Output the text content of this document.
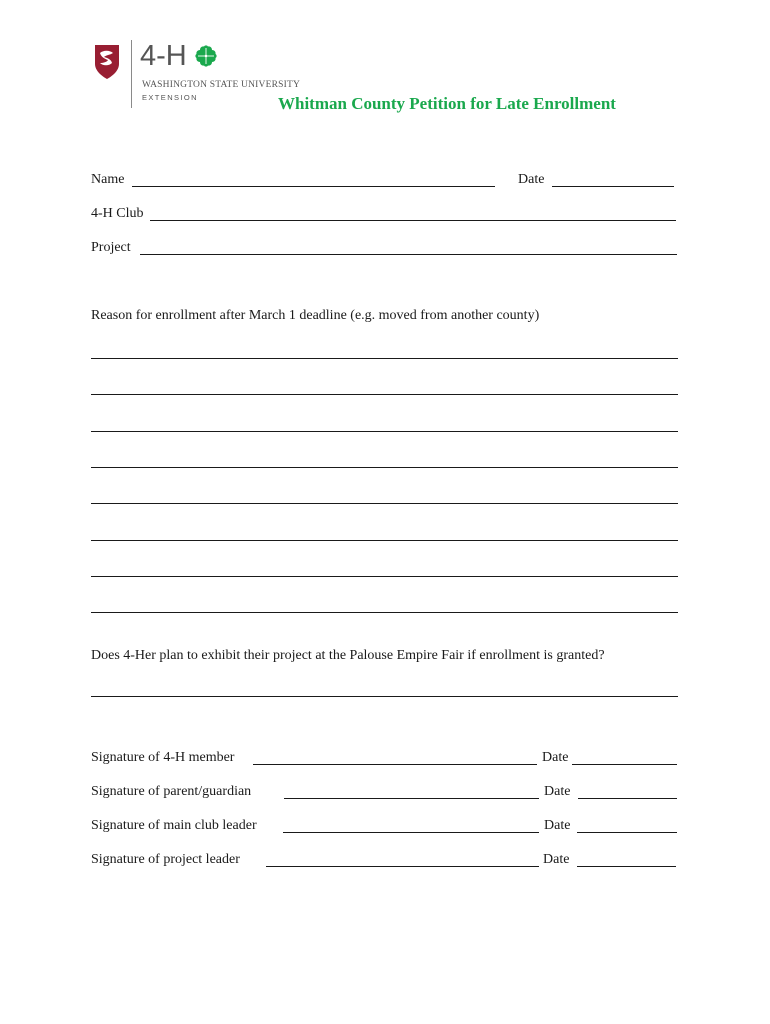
4-H
WASHINGTON STATE UNIVERSITY
EXTENSION	Whitman County Petition for Late Enrollment
Name	Date
4-H Club
Project
Reason for enrollment after March 1 deadline (e.g. moved from another county)
Does 4-Her plan to exhibit their project at the Palouse Empire Fair if enrollment is granted?
Signature of 4-H member	Date
Signature of parent/guardian	Date
Signature of main club leader	Date
Signature of project leader	Date
